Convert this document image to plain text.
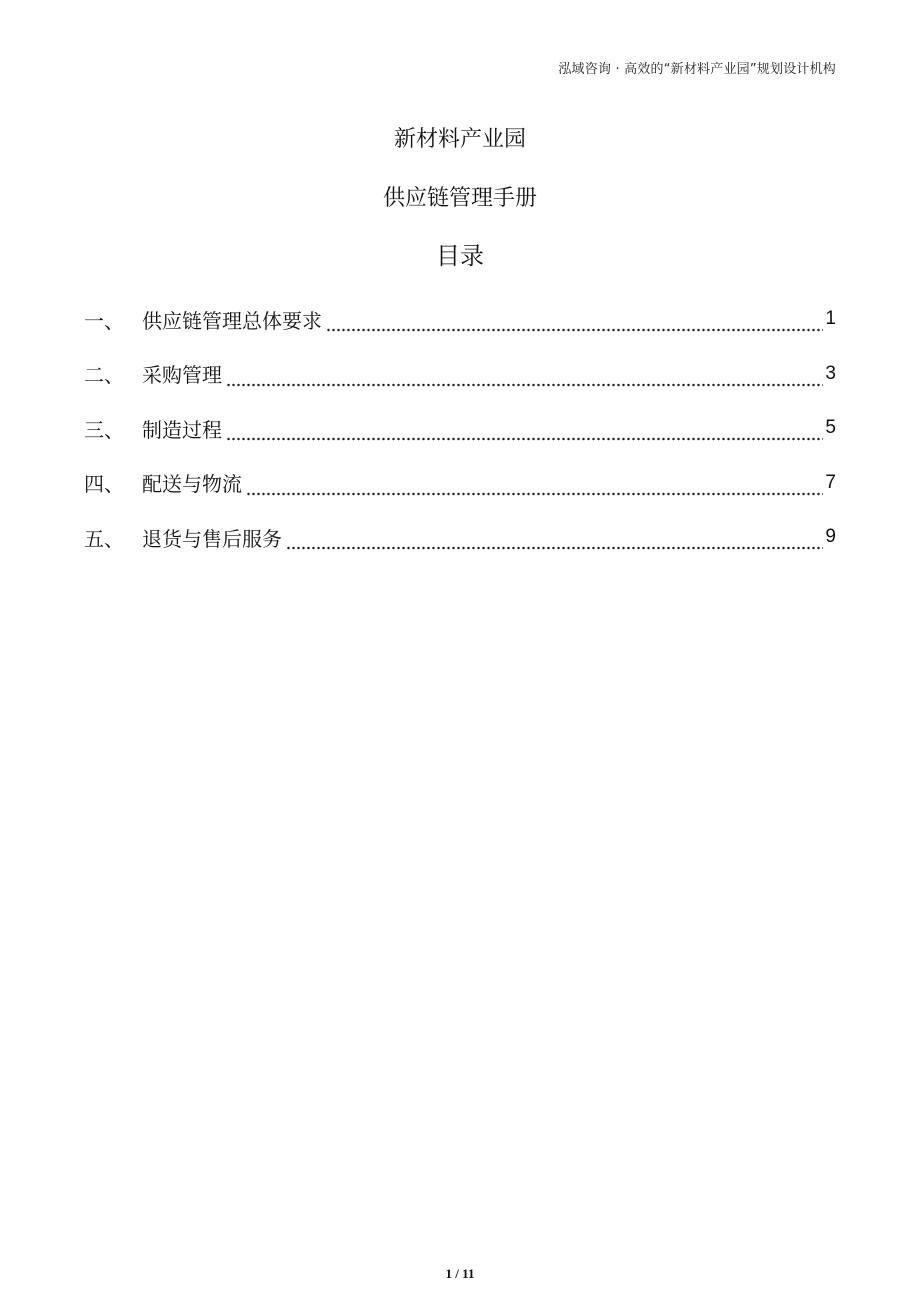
泓域咨询 · 高效的“新材料产业园”规划设计机构
新材料产业园
供应链管理手册
目录
一、 供应链管理总体要求	1
二、 采购管理	3
三、 制造过程	5
四、 配送与物流	7
五、 退货与售后服务	9
1 / 11
